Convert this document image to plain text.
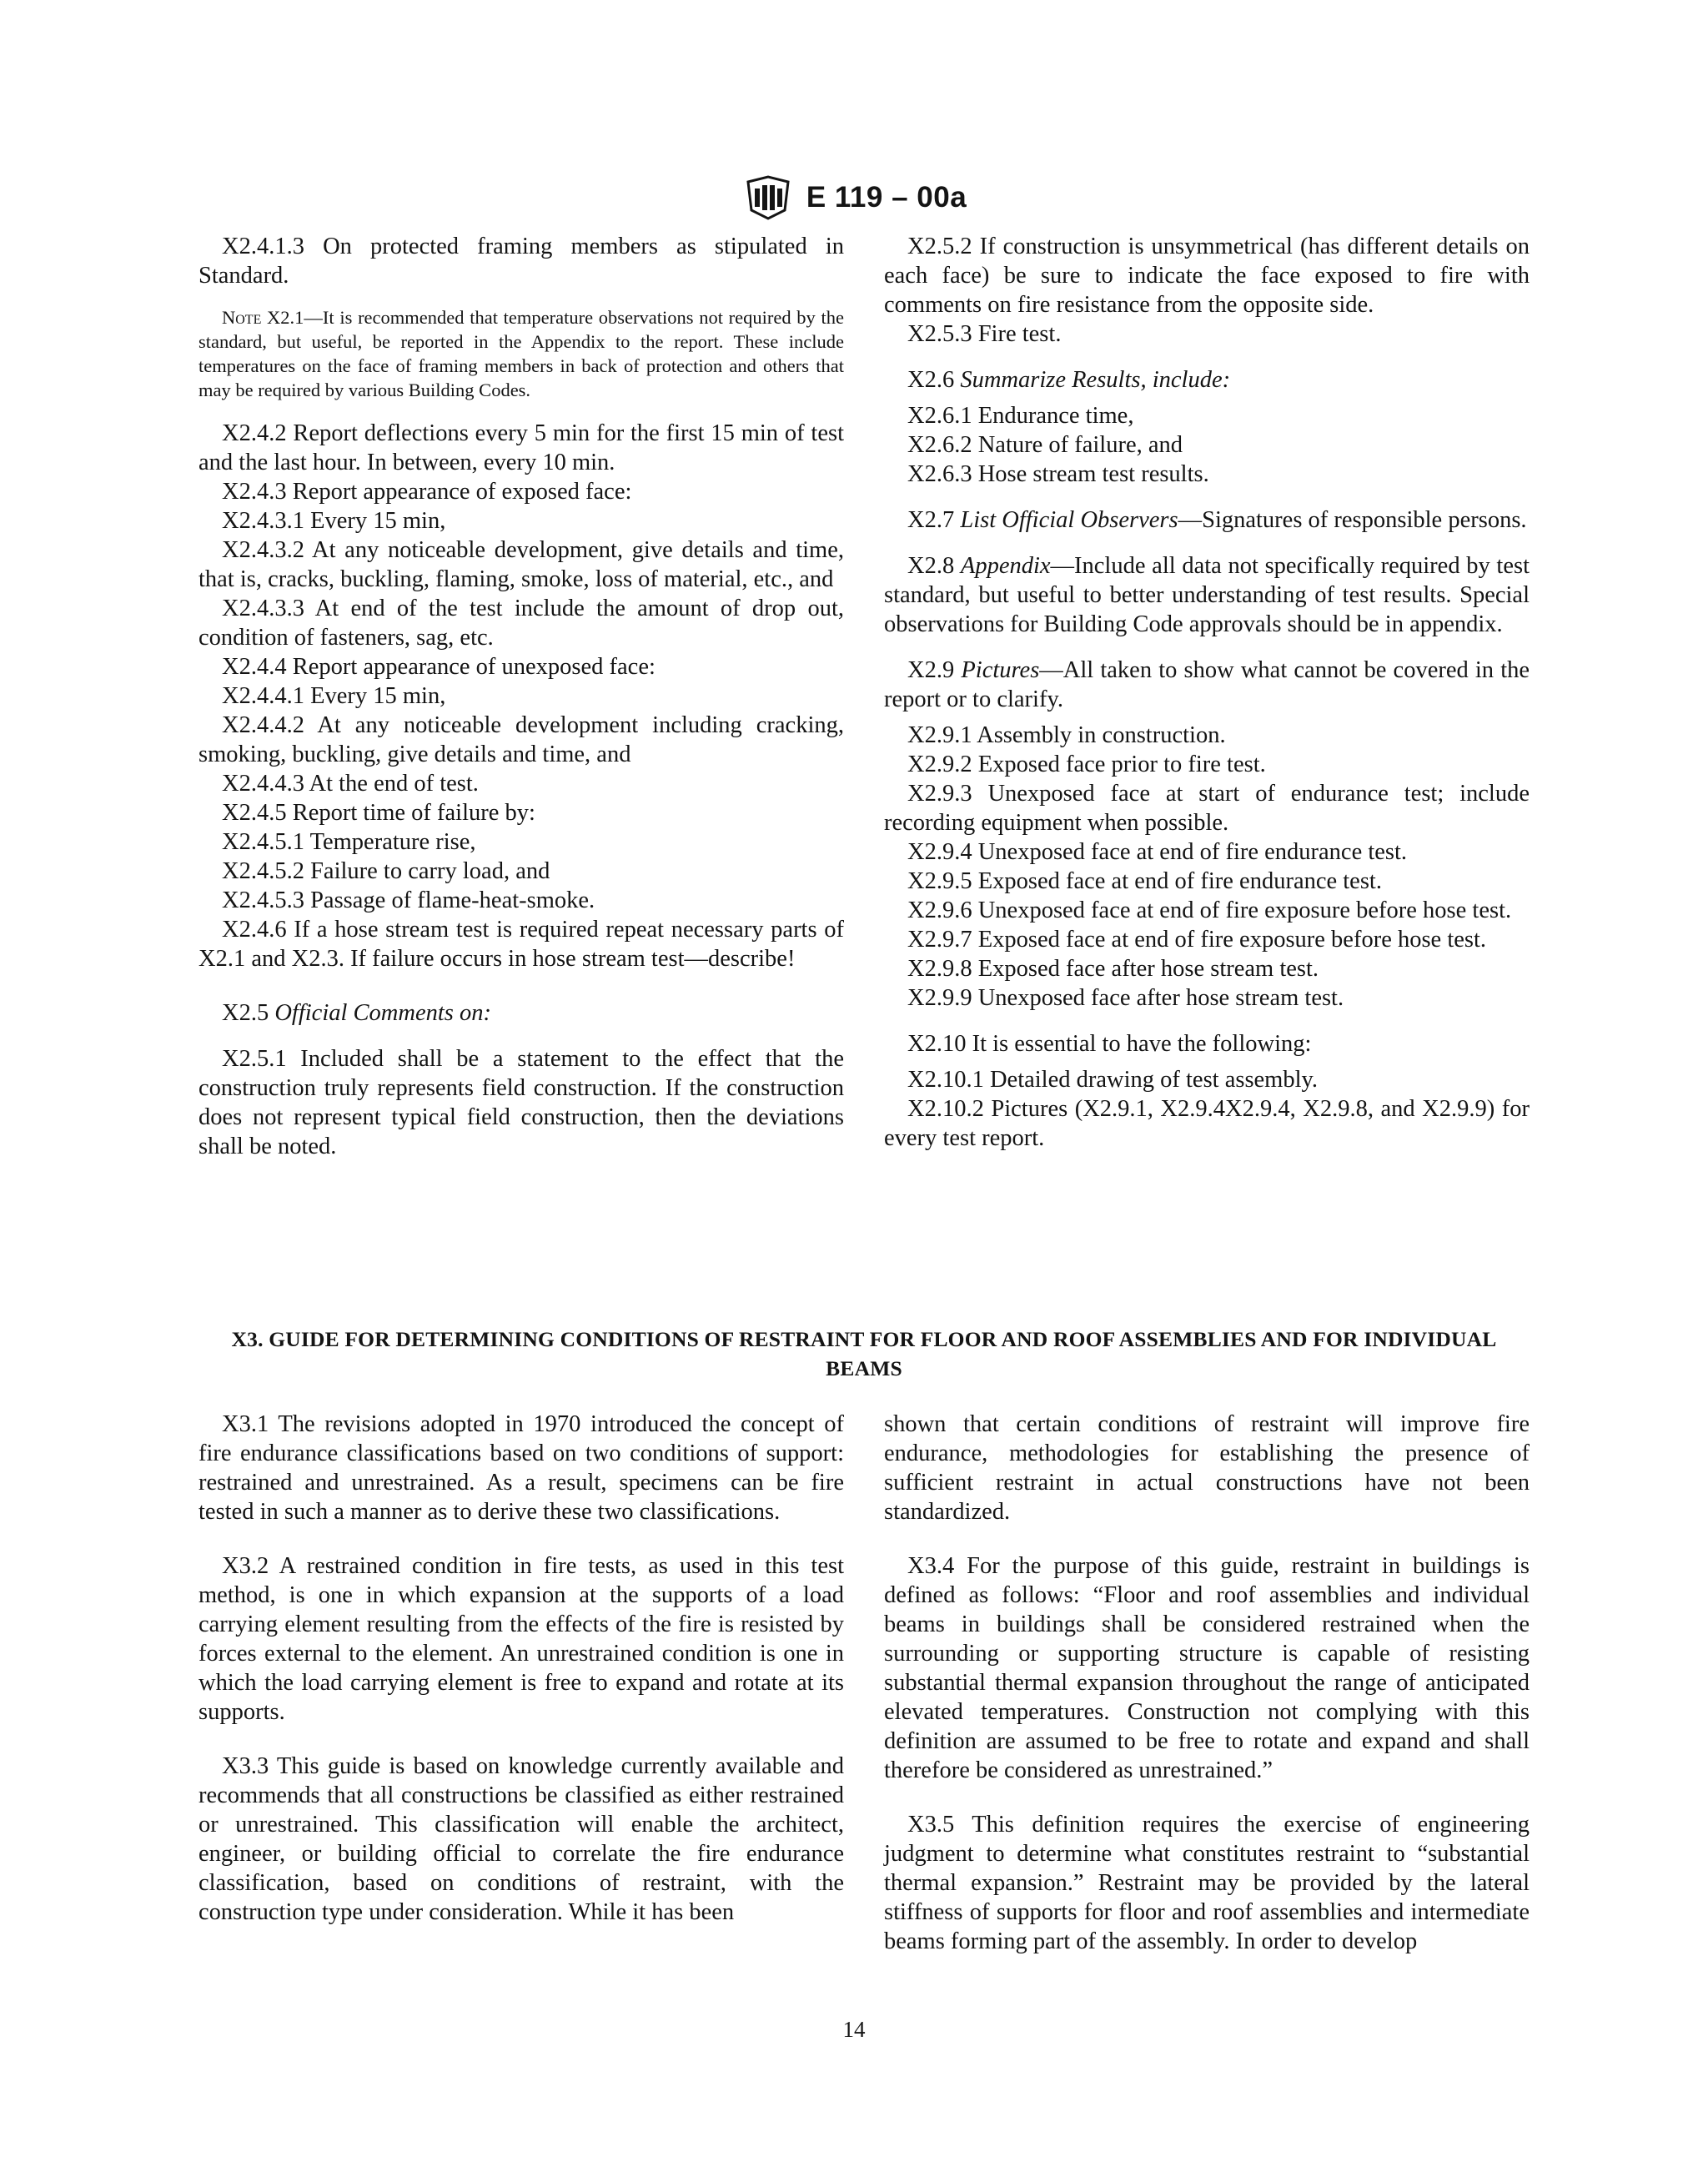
E 119 – 00a

X2.4.1.3 On protected framing members as stipulated in Standard.

Note X2.1—It is recommended that temperature observations not required by the standard, but useful, be reported in the Appendix to the report. These include temperatures on the face of framing members in back of protection and others that may be required by various Building Codes.

X2.4.2 Report deflections every 5 min for the first 15 min of test and the last hour. In between, every 10 min.

X2.4.3 Report appearance of exposed face:

X2.4.3.1 Every 15 min,

X2.4.3.2 At any noticeable development, give details and time, that is, cracks, buckling, flaming, smoke, loss of material, etc., and

X2.4.3.3 At end of the test include the amount of drop out, condition of fasteners, sag, etc.

X2.4.4 Report appearance of unexposed face:

X2.4.4.1 Every 15 min,

X2.4.4.2 At any noticeable development including cracking, smoking, buckling, give details and time, and

X2.4.4.3 At the end of test.

X2.4.5 Report time of failure by:

X2.4.5.1 Temperature rise,

X2.4.5.2 Failure to carry load, and

X2.4.5.3 Passage of flame-heat-smoke.

X2.4.6 If a hose stream test is required repeat necessary parts of X2.1 and X2.3. If failure occurs in hose stream test—describe!

X2.5 Official Comments on:

X2.5.1 Included shall be a statement to the effect that the construction truly represents field construction. If the construction does not represent typical field construction, then the deviations shall be noted.

X2.5.2 If construction is unsymmetrical (has different details on each face) be sure to indicate the face exposed to fire with comments on fire resistance from the opposite side.

X2.5.3 Fire test.

X2.6 Summarize Results, include:

X2.6.1 Endurance time,

X2.6.2 Nature of failure, and

X2.6.3 Hose stream test results.

X2.7 List Official Observers—Signatures of responsible persons.

X2.8 Appendix—Include all data not specifically required by test standard, but useful to better understanding of test results. Special observations for Building Code approvals should be in appendix.

X2.9 Pictures—All taken to show what cannot be covered in the report or to clarify.

X2.9.1 Assembly in construction.

X2.9.2 Exposed face prior to fire test.

X2.9.3 Unexposed face at start of endurance test; include recording equipment when possible.

X2.9.4 Unexposed face at end of fire endurance test.

X2.9.5 Exposed face at end of fire endurance test.

X2.9.6 Unexposed face at end of fire exposure before hose test.

X2.9.7 Exposed face at end of fire exposure before hose test.

X2.9.8 Exposed face after hose stream test.

X2.9.9 Unexposed face after hose stream test.

X2.10 It is essential to have the following:

X2.10.1 Detailed drawing of test assembly.

X2.10.2 Pictures (X2.9.1, X2.9.4X2.9.4, X2.9.8, and X2.9.9) for every test report.

X3. GUIDE FOR DETERMINING CONDITIONS OF RESTRAINT FOR FLOOR AND ROOF ASSEMBLIES AND FOR INDIVIDUAL BEAMS

X3.1 The revisions adopted in 1970 introduced the concept of fire endurance classifications based on two conditions of support: restrained and unrestrained. As a result, specimens can be fire tested in such a manner as to derive these two classifications.

X3.2 A restrained condition in fire tests, as used in this test method, is one in which expansion at the supports of a load carrying element resulting from the effects of the fire is resisted by forces external to the element. An unrestrained condition is one in which the load carrying element is free to expand and rotate at its supports.

X3.3 This guide is based on knowledge currently available and recommends that all constructions be classified as either restrained or unrestrained. This classification will enable the architect, engineer, or building official to correlate the fire endurance classification, based on conditions of restraint, with the construction type under consideration. While it has been

shown that certain conditions of restraint will improve fire endurance, methodologies for establishing the presence of sufficient restraint in actual constructions have not been standardized.

X3.4 For the purpose of this guide, restraint in buildings is defined as follows: “Floor and roof assemblies and individual beams in buildings shall be considered restrained when the surrounding or supporting structure is capable of resisting substantial thermal expansion throughout the range of anticipated elevated temperatures. Construction not complying with this definition are assumed to be free to rotate and expand and shall therefore be considered as unrestrained.”

X3.5 This definition requires the exercise of engineering judgment to determine what constitutes restraint to “substantial thermal expansion.” Restraint may be provided by the lateral stiffness of supports for floor and roof assemblies and intermediate beams forming part of the assembly. In order to develop

14
